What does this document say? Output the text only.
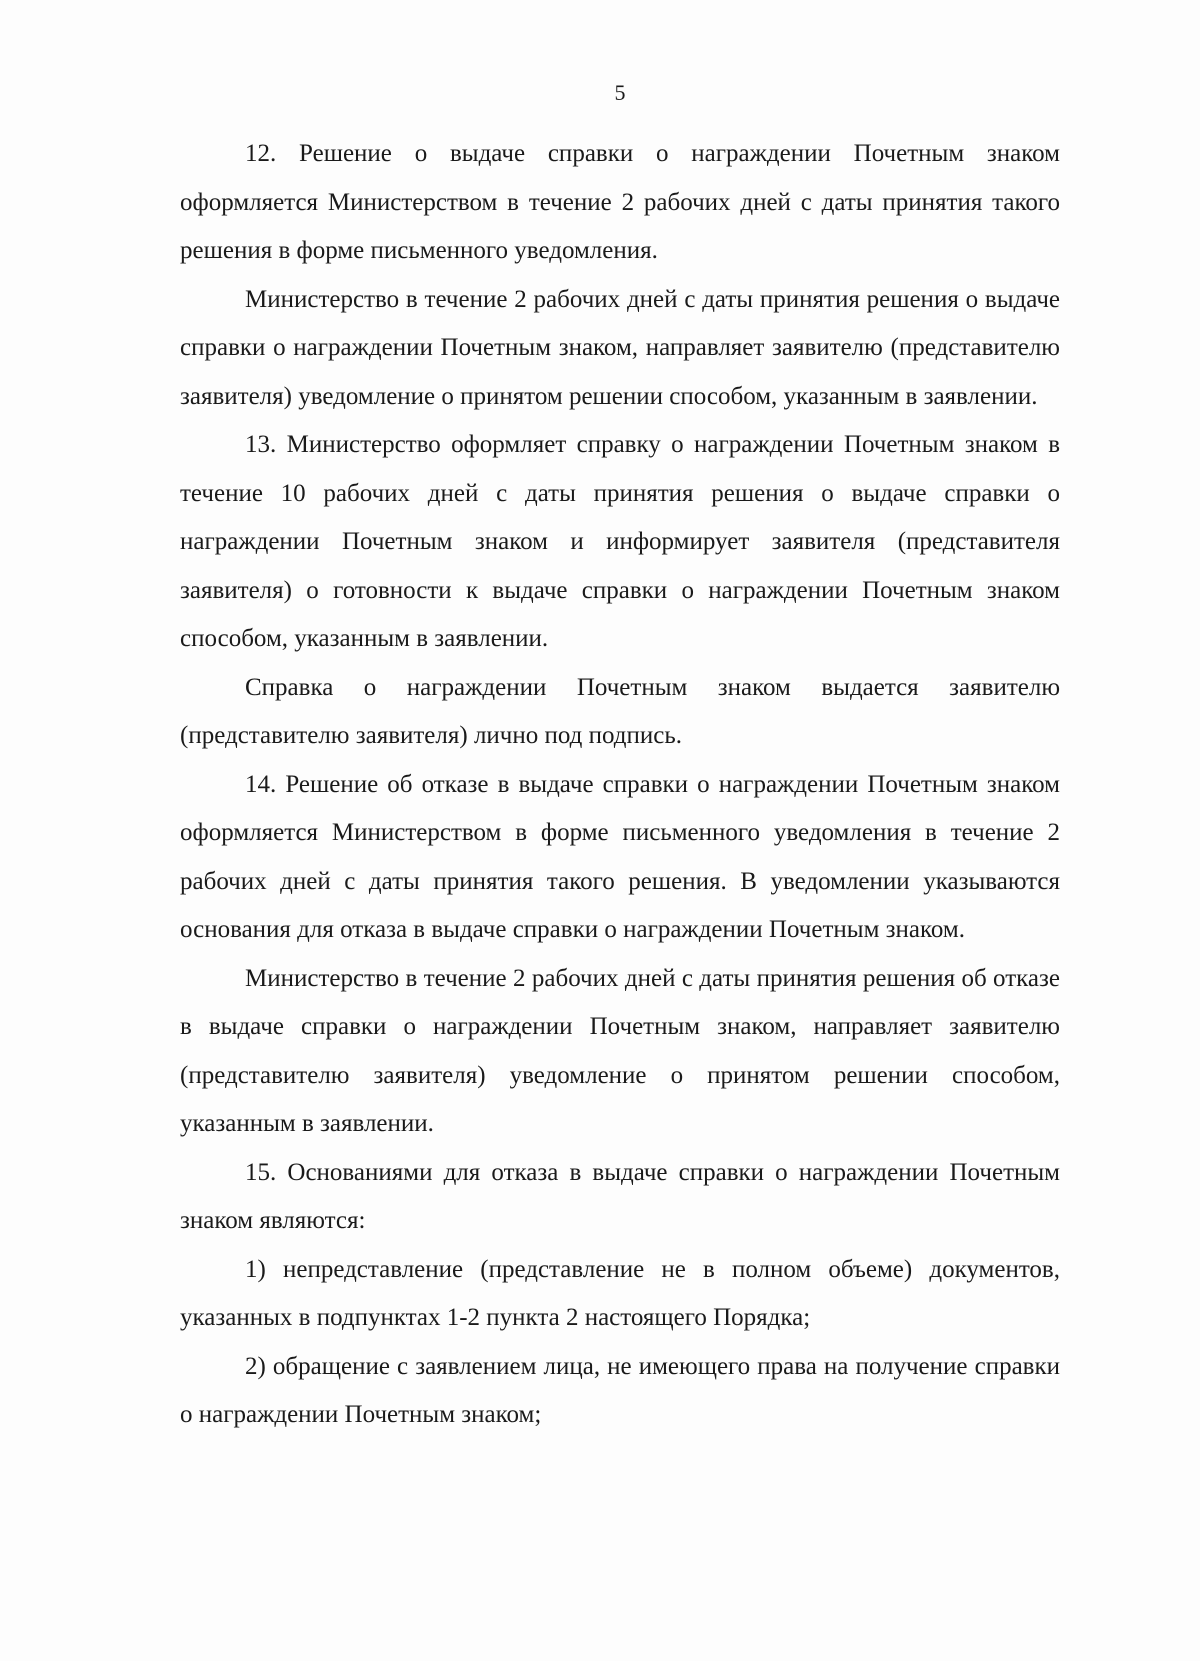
5

12. Решение о выдаче справки о награждении Почетным знаком оформляется Министерством в течение 2 рабочих дней с даты принятия такого решения в форме письменного уведомления.

Министерство в течение 2 рабочих дней с даты принятия решения о выдаче справки о награждении Почетным знаком, направляет заявителю (представителю заявителя) уведомление о принятом решении способом, указанным в заявлении.

13. Министерство оформляет справку о награждении Почетным знаком в течение 10 рабочих дней с даты принятия решения о выдаче справки о награждении Почетным знаком и информирует заявителя (представителя заявителя) о готовности к выдаче справки о награждении Почетным знаком способом, указанным в заявлении.

Справка о награждении Почетным знаком выдается заявителю (представителю заявителя) лично под подпись.

14. Решение об отказе в выдаче справки о награждении Почетным знаком оформляется Министерством в форме письменного уведомления в течение 2 рабочих дней с даты принятия такого решения. В уведомлении указываются основания для отказа в выдаче справки о награждении Почетным знаком.

Министерство в течение 2 рабочих дней с даты принятия решения об отказе в выдаче справки о награждении Почетным знаком, направляет заявителю (представителю заявителя) уведомление о принятом решении способом, указанным в заявлении.

15. Основаниями для отказа в выдаче справки о награждении Почетным знаком являются:

1) непредставление (представление не в полном объеме) документов, указанных в подпунктах 1-2 пункта 2 настоящего Порядка;

2) обращение с заявлением лица, не имеющего права на получение справки о награждении Почетным знаком;
